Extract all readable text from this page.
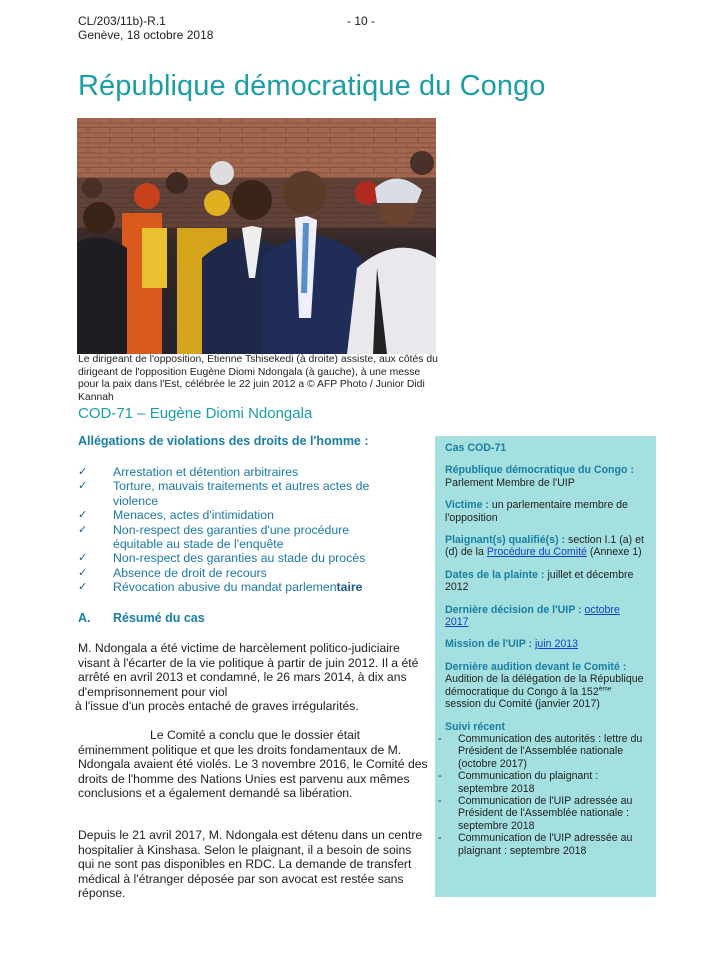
CL/203/11b)-R.1	- 10 -
Genève, 18 octobre 2018
République démocratique du Congo
Le dirigeant de l'opposition, Etienne Tshisekedi (à droite) assiste, aux côtés du dirigeant de l'opposition Eugène Diomi Ndongala (à gauche), à une messe pour la paix dans l'Est, célébrée le 22 juin 2012 a © AFP Photo / Junior Didi Kannah
COD-71 – Eugène Diomi Ndongala
Allégations de violations des droits de l'homme :
✓ Arrestation et détention arbitraires
✓ Torture, mauvais traitements et autres actes de violence
✓ Menaces, actes d'intimidation
✓ Non-respect des garanties d'une procédure équitable au stade de l'enquête
✓ Non-respect des garanties au stade du procès
✓ Absence de droit de recours
✓ Révocation abusive du mandat parlementaire
A. Résumé du cas
M. Ndongala a été victime de harcèlement politico-judiciaire visant à l'écarter de la vie politique à partir de juin 2012. Il a été arrêté en avril 2013 et condamné, le 26 mars 2014, à dix ans d'emprisonnement pour viol
à l'issue d'un procès entaché de graves irrégularités.
Le Comité a conclu que le dossier était éminemment politique et que les droits fondamentaux de M. Ndongala avaient été violés. Le 3 novembre 2016, le Comité des droits de l'homme des Nations Unies est parvenu aux mêmes conclusions et a également demandé sa libération.
Depuis le 21 avril 2017, M. Ndongala est détenu dans un centre hospitalier à Kinshasa. Selon le plaignant, il a besoin de soins qui ne sont pas disponibles en RDC. La demande de transfert médical à l'étranger déposée par son avocat est restée sans réponse.
Cas COD-71
République démocratique du Congo :
Parlement Membre de l'UIP
Victime : un parlementaire membre de l'opposition
Plaignant(s) qualifié(s) : section I.1 (a) et (d) de la Procédure du Comité (Annexe 1)
Dates de la plainte : juillet et décembre 2012
Dernière décision de l'UIP : octobre 2017
Mission de l'UIP : juin 2013
Dernière audition devant le Comité :
Audition de la délégation de la République démocratique du Congo à la 152ème session du Comité (janvier 2017)
Suivi récent
- Communication des autorités : lettre du Président de l'Assemblée nationale (octobre 2017)
- Communication du plaignant : septembre 2018
- Communication de l'UIP adressée au Président de l'Assemblée nationale : septembre 2018
- Communication de l'UIP adressée au plaignant : septembre 2018
